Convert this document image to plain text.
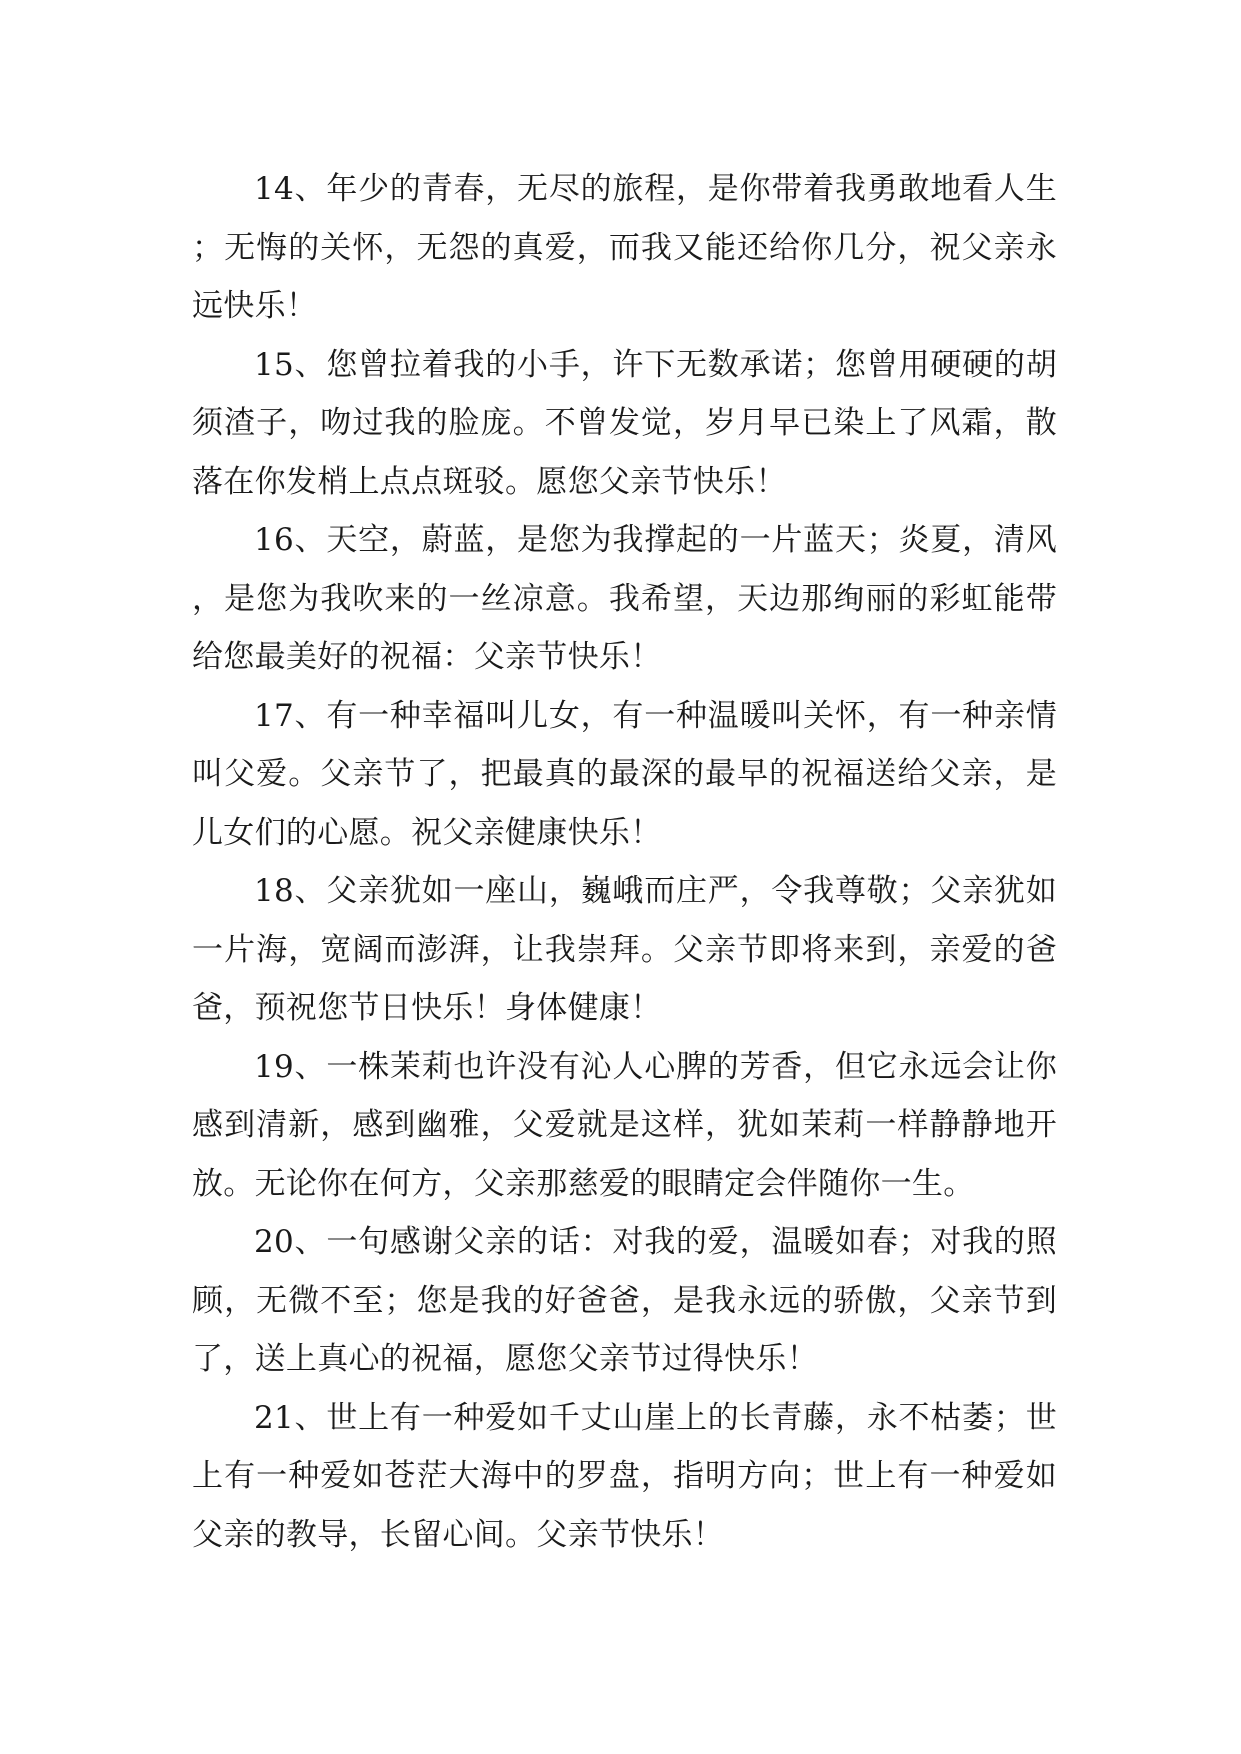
14、年少的青春，无尽的旅程，是你带着我勇敢地看人生；无悔的关怀，无怨的真爱，而我又能还给你几分，祝父亲永远快乐！

15、您曾拉着我的小手，许下无数承诺；您曾用硬硬的胡须渣子，吻过我的脸庞。不曾发觉，岁月早已染上了风霜，散落在你发梢上点点斑驳。愿您父亲节快乐！

16、天空，蔚蓝，是您为我撑起的一片蓝天；炎夏，清风，是您为我吹来的一丝凉意。我希望，天边那绚丽的彩虹能带给您最美好的祝福：父亲节快乐！

17、有一种幸福叫儿女，有一种温暖叫关怀，有一种亲情叫父爱。父亲节了，把最真的最深的最早的祝福送给父亲，是儿女们的心愿。祝父亲健康快乐！

18、父亲犹如一座山，巍峨而庄严，令我尊敬；父亲犹如一片海，宽阔而澎湃，让我崇拜。父亲节即将来到，亲爱的爸爸，预祝您节日快乐！身体健康！

19、一株茉莉也许没有沁人心脾的芳香，但它永远会让你感到清新，感到幽雅，父爱就是这样，犹如茉莉一样静静地开放。无论你在何方，父亲那慈爱的眼睛定会伴随你一生。

20、一句感谢父亲的话：对我的爱，温暖如春；对我的照顾，无微不至；您是我的好爸爸，是我永远的骄傲，父亲节到了，送上真心的祝福，愿您父亲节过得快乐！

21、世上有一种爱如千丈山崖上的长青藤，永不枯萎；世上有一种爱如苍茫大海中的罗盘，指明方向；世上有一种爱如父亲的教导，长留心间。父亲节快乐！
